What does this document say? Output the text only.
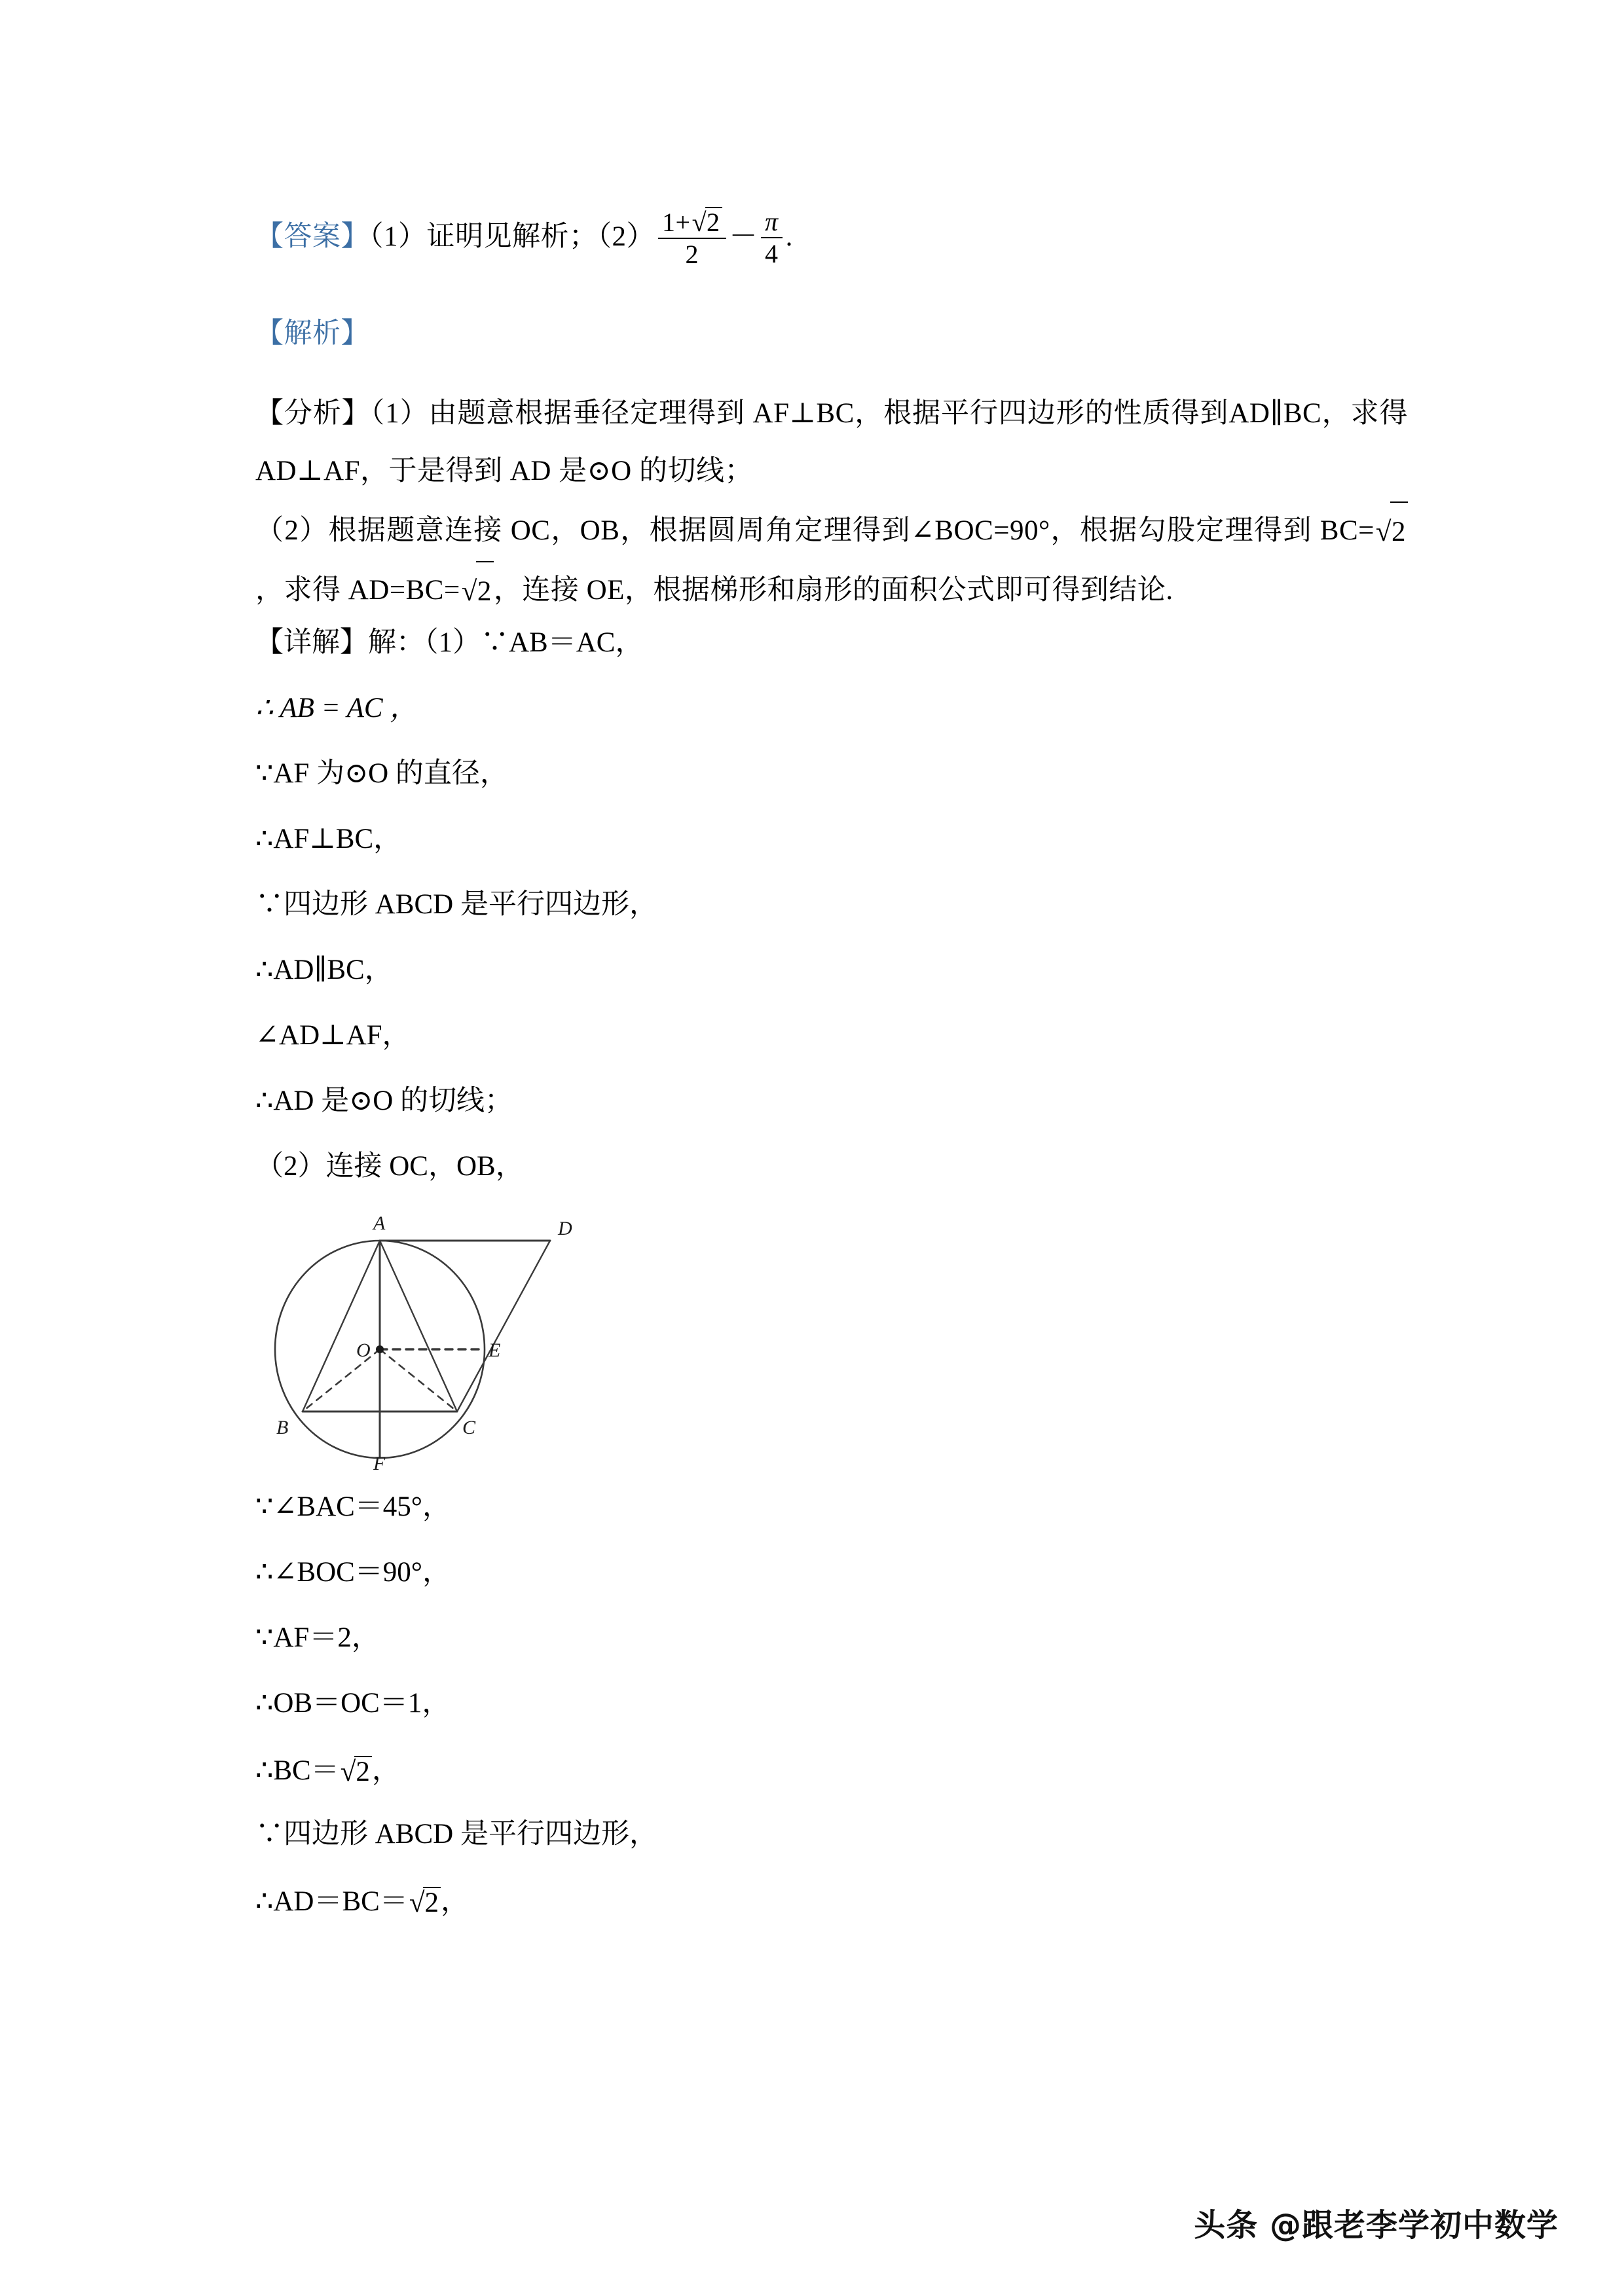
【答案】（1）证明见解析；$(2) \frac{1+√2}{2} - \frac{\pi}{4}$ .
【解析】
【分析】（1）由题意根据垂径定理得到 AF⊥BC，根据平行四边形的性质得到AD∥BC，求得 AD⊥AF，于是得到 AD 是⊙O 的切线；
（2）根据题意连接 OC，OB，根据圆周角定理得到∠BOC=90°，根据勾股定理得到 BC=√2，求得 AD=BC=√2，连接 OE，根据梯形和扇形的面积公式即可得到结论.
【详解】解：（1）∵AB＝AC，
∴ AB = AC ，
∵AF 为⊙O 的直径，
∴AF⊥BC，
∵四边形 ABCD 是平行四边形，
∴AD∥BC，
∠AD⊥AF，
∴AD 是⊙O 的切线；
（2）连接 OC，OB，
A	D
O	E
B	C
F
∵∠BAC＝45°，
∴∠BOC＝90°，
∵AF＝2，
∴OB＝OC＝1，
∴BC＝√2，
∵四边形 ABCD 是平行四边形，
∴AD＝BC＝√2，
头条 @跟老李学初中数学
